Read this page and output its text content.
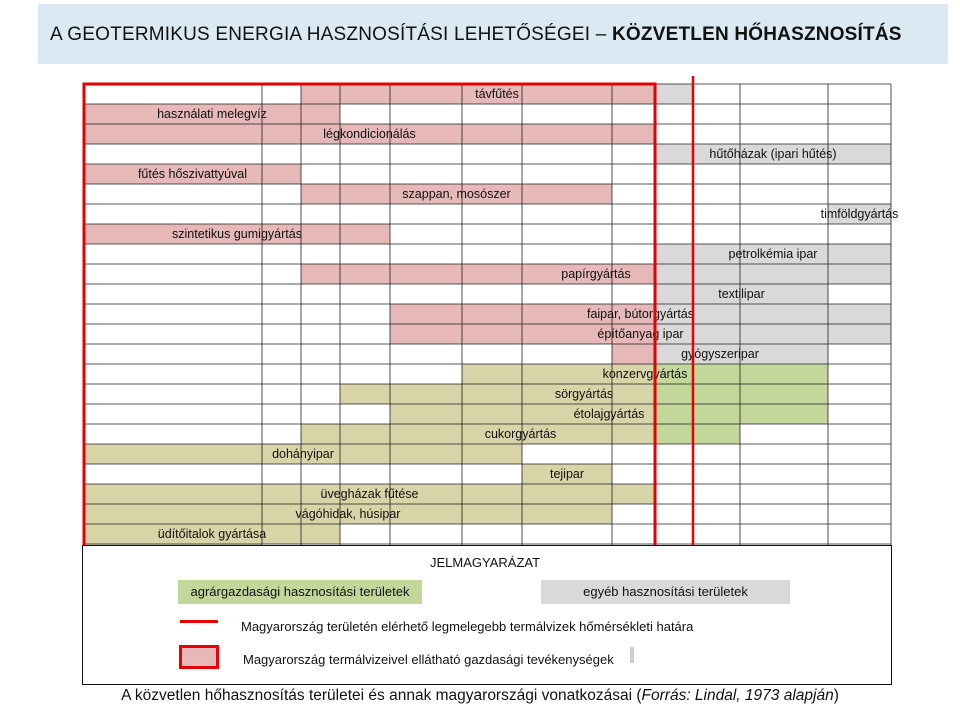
A GEOTERMIKUS ENERGIA HASZNOSÍTÁSI LEHETŐSÉGEI – KÖZVETLEN HŐHASZNOSÍTÁS
távfűtés
használati melegvíz
légkondicionálás
hűtőházak (ipari hűtés)
fűtés hőszivattyúval
szappan, mosószer
timföldgyártás
szintetikus gumigyártás
petrolkémia ipar
papírgyártás
textilipar
faipar, bútorgyártás
építőanyag ipar
gyógyszeripar
konzervgyártás
sörgyártás
étolajgyártás
cukorgyártás
dohányipar
tejipar
üvegházak fűtése
vágóhidak, húsipar
üdítőitalok gyártása
JELMAGYARÁZAT
agrárgazdasági hasznosítási területek	egyéb hasznosítási területek
Magyarország területén elérhető legmelegebb termálvizek hőmérsékleti határa
Magyarország termálvizeivel ellátható gazdasági tevékenységek
A közvetlen hőhasznosítás területei és annak magyarországi vonatkozásai (Forrás: Lindal, 1973 alapján)
